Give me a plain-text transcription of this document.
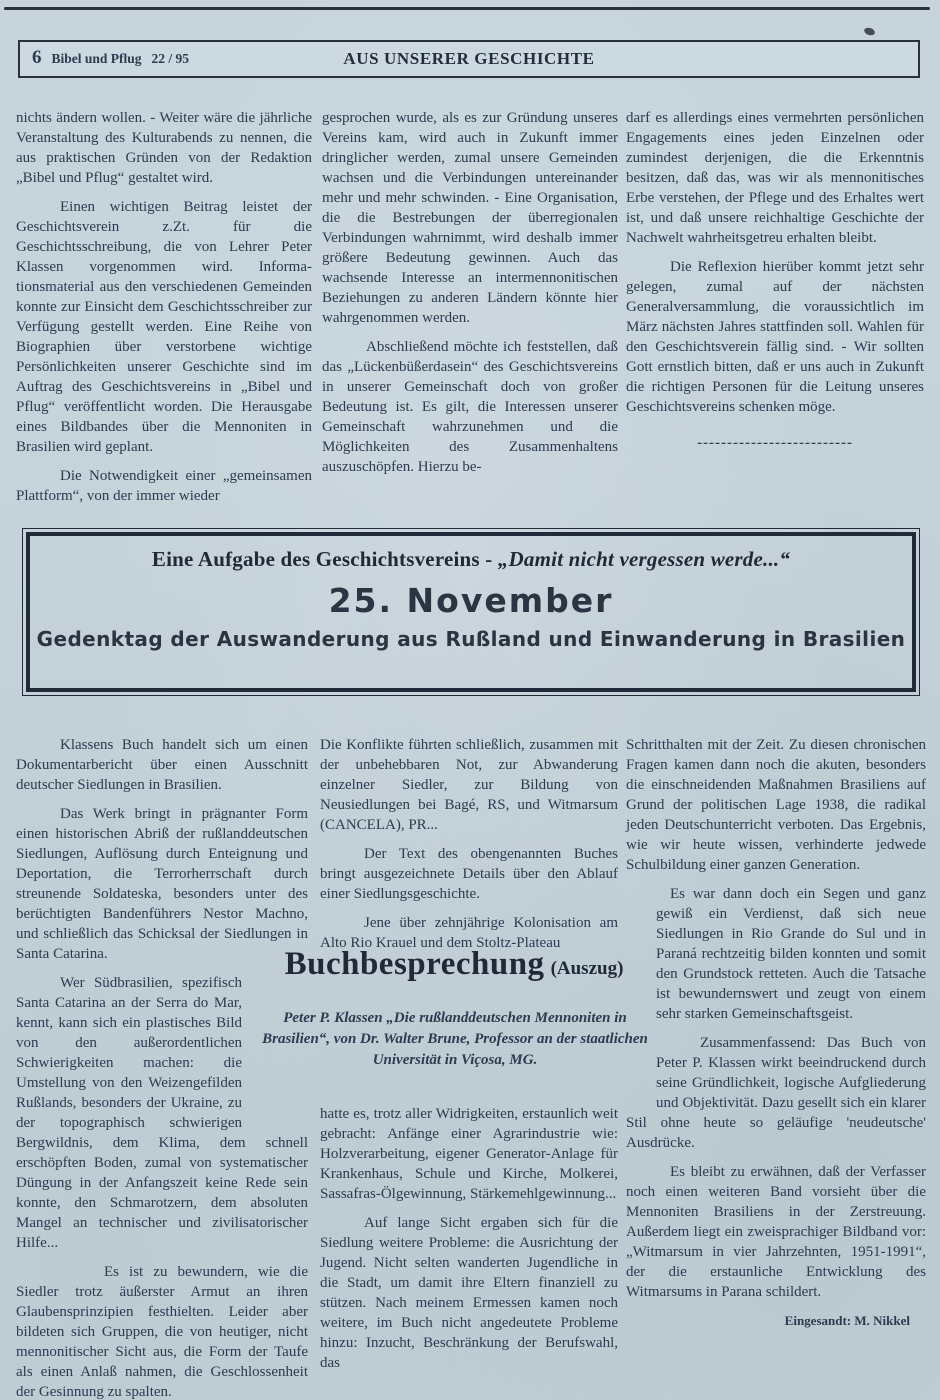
6 Bibel und Pflug 22 / 95	AUS UNSERER GESCHICHTE

nichts ändern wollen. - Weiter wäre die jährliche Veranstaltung des Kulturabends zu nennen, die aus praktischen Gründen von der Redaktion „Bibel und Pflug“ gestaltet wird.

Einen wichtigen Beitrag leistet der Geschichtsverein z.Zt. für die Geschichtsschreibung, die von Lehrer Peter Klassen vorgenommen wird. Informa-tionsmaterial aus den verschiedenen Gemeinden konnte zur Einsicht dem Geschichtsschreiber zur Verfügung gestellt werden. Eine Reihe von Biographien über verstorbene wichtige Persönlichkeiten unserer Geschichte sind im Auftrag des Geschichtsvereins in „Bibel und Pflug“ veröffentlicht worden. Die Herausgabe eines Bildbandes über die Mennoniten in Brasilien wird geplant.

Die Notwendigkeit einer „gemeinsamen Plattform“, von der immer wieder

gesprochen wurde, als es zur Gründung unseres Vereins kam, wird auch in Zukunft immer dringlicher werden, zumal unsere Gemeinden wachsen und die Verbindungen untereinander mehr und mehr schwinden. - Eine Organisation, die die Bestrebungen der überregionalen Verbindungen wahrnimmt, wird deshalb immer größere Bedeutung gewinnen. Auch das wachsende Interesse an intermennonitischen Beziehungen zu anderen Ländern könnte hier wahrgenommen werden.

Abschließend möchte ich feststellen, daß das „Lückenbüßerdasein“ des Geschichtsvereins in unserer Gemeinschaft doch von großer Bedeutung ist. Es gilt, die Interessen unserer Gemeinschaft wahrzunehmen und die Möglichkeiten des Zusammenhaltens auszuschöpfen. Hierzu be-

darf es allerdings eines vermehrten persönlichen Engagements eines jeden Einzelnen oder zumindest derjenigen, die die Erkenntnis besitzen, daß das, was wir als mennonitisches Erbe verstehen, der Pflege und des Erhaltes wert ist, und daß unsere reichhaltige Geschichte der Nachwelt wahrheitsgetreu erhalten bleibt.

Die Reflexion hierüber kommt jetzt sehr gelegen, zumal auf der nächsten Generalversammlung, die voraussichtlich im März nächsten Jahres stattfinden soll. Wahlen für den Geschichtsverein fällig sind. - Wir sollten Gott ernstlich bitten, daß er uns auch in Zukunft die richtigen Personen für die Leitung unseres Geschichtsvereins schenken möge.

--------------------------

Eine Aufgabe des Geschichtsvereins - „Damit nicht vergessen werde...“
25. November
Gedenktag der Auswanderung aus Rußland und Einwanderung in Brasilien

Klassens Buch handelt sich um einen Dokumentarbericht über einen Ausschnitt deutscher Siedlungen in Brasilien.

Das Werk bringt in prägnanter Form einen historischen Abriß der rußlanddeutschen Siedlungen, Auflösung durch Enteignung und Deportation, die Terrorherrschaft durch streunende Soldateska, besonders unter des berüchtigten Bandenführers Nestor Machno, und schließlich das Schicksal der Siedlungen in Santa Catarina.

Wer Südbrasilien, spezifisch Santa Catarina an der Serra do Mar, kennt, kann sich ein plastisches Bild von den außerordentlichen Schwierigkeiten machen: die Umstellung von den Weizengefilden Rußlands, besonders der Ukraine, zu der topographisch schwierigen Bergwildnis, dem Klima, dem schnell erschöpften Boden, zumal von systematischer Düngung in der Anfangszeit keine Rede sein konnte, den Schmarotzern, dem absoluten Mangel an technischer und zivilisatorischer Hilfe...

Es ist zu bewundern, wie die Siedler trotz äußerster Armut an ihren Glaubensprinzipien festhielten. Leider aber bildeten sich Gruppen, die von heutiger, nicht mennonitischer Sicht aus, die Form der Taufe als einen Anlaß nahmen, die Geschlossenheit der Gesinnung zu spalten.

Die Konflikte führten schließlich, zusammen mit der unbehebbaren Not, zur Abwanderung einzelner Siedler, zur Bildung von Neusiedlungen bei Bagé, RS, und Witmarsum (CANCELA), PR...

Der Text des obengenannten Buches bringt ausgezeichnete Details über den Ablauf einer Siedlungsgeschichte.

Jene über zehnjährige Kolonisation am Alto Rio Krauel und dem Stoltz-Plateau

hatte es, trotz aller Widrigkeiten, erstaunlich weit gebracht: Anfänge einer Agrarindustrie wie: Holzverarbeitung, eigener Generator-Anlage für Krankenhaus, Schule und Kirche, Molkerei, Sassafras-Ölgewinnung, Stärkemehlgewinnung...

Auf lange Sicht ergaben sich für die Siedlung weitere Probleme: die Ausrichtung der Jugend. Nicht selten wanderten Jugendliche in die Stadt, um damit ihre Eltern finanziell zu stützen. Nach meinem Ermessen kamen noch weitere, im Buch nicht angedeutete Probleme hinzu: Inzucht, Beschränkung der Berufswahl, das

Schritthalten mit der Zeit. Zu diesen chronischen Fragen kamen dann noch die akuten, besonders die einschneidenden Maßnahmen Brasiliens auf Grund der politischen Lage 1938, die radikal jeden Deutschunterricht verboten. Das Ergebnis, wie wir heute wissen, verhinderte jedwede Schulbildung einer ganzen Generation.

Es war dann doch ein Segen und ganz gewiß ein Verdienst, daß sich neue
Siedlungen in Rio Grande do Sul und in Paraná rechtzeitig bilden konnten und somit den Grundstock retteten. Auch die Tatsache ist bewundernswert und zeugt von einem sehr starken Gemeinschaftsgeist.

Zusammenfassend: Das Buch von Peter P. Klassen wirkt beeindruckend durch seine Gründlichkeit, logische Aufgliederung und Objektivität. Dazu gesellt sich ein klarer Stil ohne heute so geläufige 'neudeutsche' Ausdrücke.

Es bleibt zu erwähnen, daß der Verfasser noch einen weiteren Band vorsieht über die Mennoniten Brasiliens in der Zerstreuung. Außerdem liegt ein zweisprachiger Bildband vor: „Witmarsum in vier Jahrzehnten, 1951-1991“, der die erstaunliche Entwicklung des Witmarsums in Parana schildert.

Eingesandt: M. Nikkel

Buchbesprechung (Auszug)
Peter P. Klassen „Die rußlanddeutschen Mennoniten in Brasilien“, von Dr. Walter Brune, Professor an der staatlichen Universität in Viçosa, MG.
